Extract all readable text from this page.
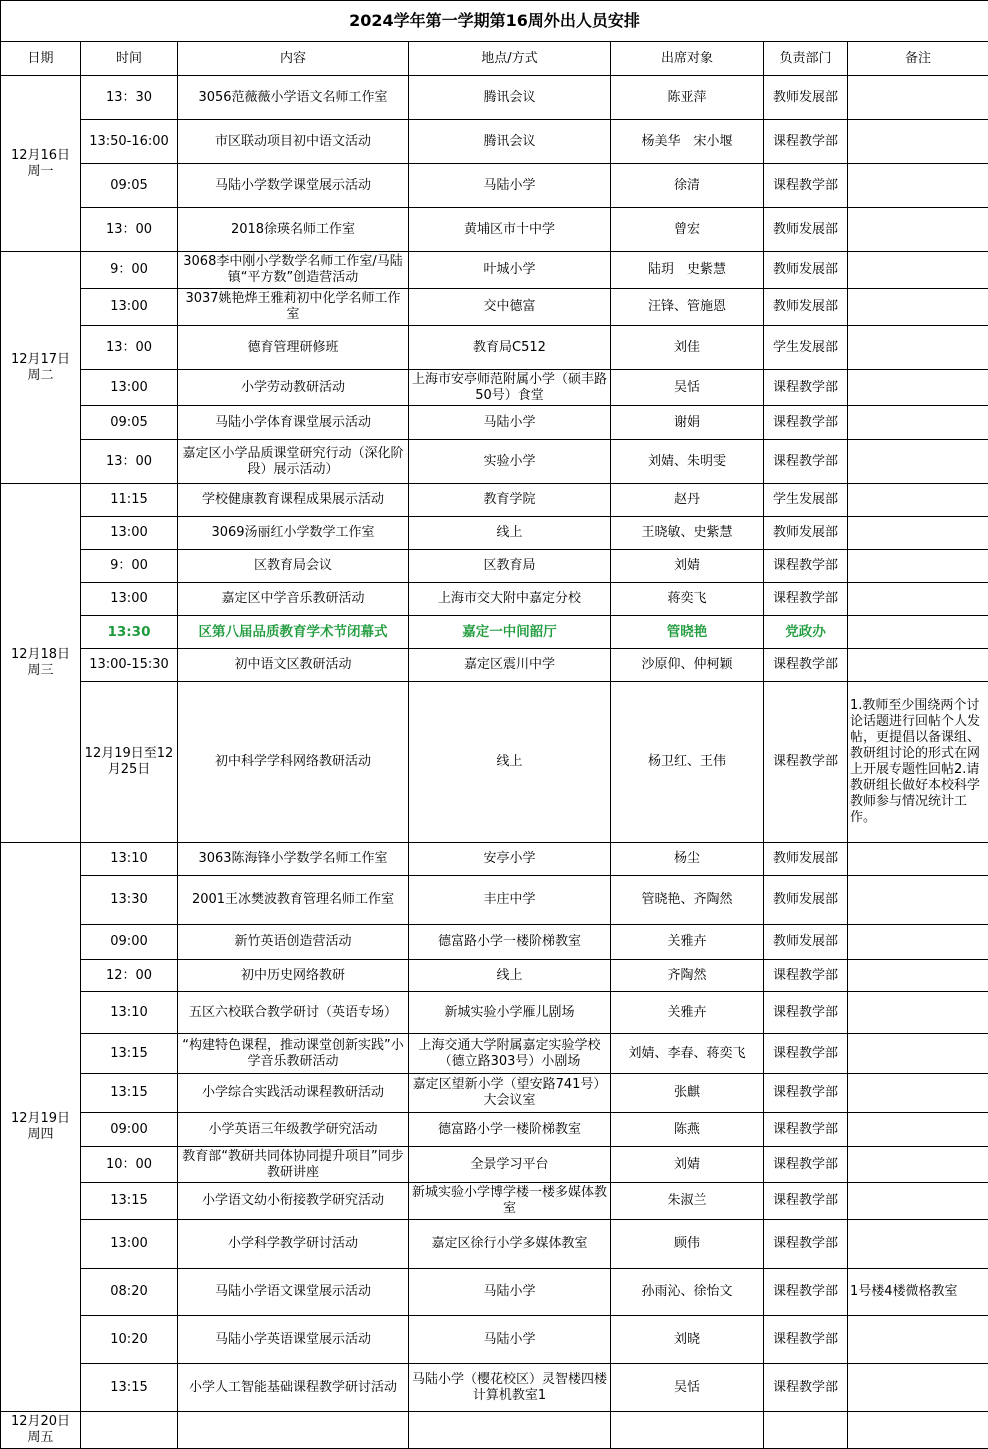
2024学年第一学期第16周外出人员安排						
日期	时间	内容	地点/方式	出席对象	负责部门	备注

12月16日
周一	13：30	3056范薇薇小学语文名师工作室	腾讯会议	陈亚萍	教师发展部	
	13:50-16:00	市区联动项目初中语文活动	腾讯会议	杨美华　宋小堰	课程教学部	
	09:05	马陆小学数学课堂展示活动	马陆小学	徐清	课程教学部	
	13：00	2018徐瑛名师工作室	黄埔区市十中学	曾宏	教师发展部	

12月17日
周二	9：00	3068李中刚小学数学名师工作室/马陆镇“平方数”创造营活动	叶城小学	陆玥　史紫慧	教师发展部	
	13:00	3037姚艳烨王雅莉初中化学名师工作室	交中德富	汪锋、管施恩	教师发展部	
	13：00	德育管理研修班	教育局C512	刘佳	学生发展部	
	13:00	小学劳动教研活动	上海市安亭师范附属小学（硕丰路50号）食堂	吴恬	课程教学部	
	09:05	马陆小学体育课堂展示活动	马陆小学	谢娟	课程教学部	
	13：00	嘉定区小学品质课堂研究行动（深化阶段）展示活动）	实验小学	刘婧、朱明雯	课程教学部	

12月18日
周三	11:15	学校健康教育课程成果展示活动	教育学院	赵丹	学生发展部	
	13:00	3069汤丽红小学数学工作室	线上	王晓敏、史紫慧	教师发展部	
	9：00	区教育局会议	区教育局	刘婧	课程教学部	
	13:00	嘉定区中学音乐教研活动	上海市交大附中嘉定分校	蒋奕飞	课程教学部	
	13:30	区第八届品质教育学术节闭幕式	嘉定一中间韶厅	管晓艳	党政办	
	13:00-15:30	初中语文区教研活动	嘉定区震川中学	沙原仰、仲柯颖	课程教学部	
	12月19日至12月25日	初中科学学科网络教研活动	线上	杨卫红、王伟	课程教学部	1.教师至少围绕两个讨论话题进行回帖个人发帖，更提倡以备课组、教研组讨论的形式在网上开展专题性回帖2.请教研组长做好本校科学教师参与情况统计工作。

12月19日
周四	13:10	3063陈海锋小学数学名师工作室	安亭小学	杨尘	教师发展部	
	13:30	2001王冰樊波教育管理名师工作室	丰庄中学	管晓艳、齐陶然	教师发展部	
	09:00	新竹英语创造营活动	德富路小学一楼阶梯教室	关雅卉	教师发展部	
	12：00	初中历史网络教研	线上	齐陶然	课程教学部	
	13:10	五区六校联合教学研讨（英语专场）	新城实验小学雁儿剧场	关雅卉	课程教学部	
	13:15	“构建特色课程，推动课堂创新实践”小学音乐教研活动	上海交通大学附属嘉定实验学校（德立路303号）小剧场	刘婧、李春、蒋奕飞	课程教学部	
	13:15	小学综合实践活动课程教研活动	嘉定区望新小学（望安路741号）大会议室	张麒	课程教学部	
	09:00	小学英语三年级教学研究活动	德富路小学一楼阶梯教室	陈燕	课程教学部	
	10：00	教育部“教研共同体协同提升项目”同步教研讲座	全景学习平台	刘婧	课程教学部	
	13:15	小学语文幼小衔接教学研究活动	新城实验小学博学楼一楼多媒体教室	朱淑兰	课程教学部	
	13:00	小学科学教学研讨活动	嘉定区徐行小学多媒体教室	顾伟	课程教学部	
	08:20	马陆小学语文课堂展示活动	马陆小学	孙雨沁、徐怡文	课程教学部	1号楼4楼微格教室
	10:20	马陆小学英语课堂展示活动	马陆小学	刘晓	课程教学部	
	13:15	小学人工智能基础课程教学研讨活动	马陆小学（樱花校区）灵智楼四楼计算机教室1	吴恬	课程教学部	

12月20日
周五						
